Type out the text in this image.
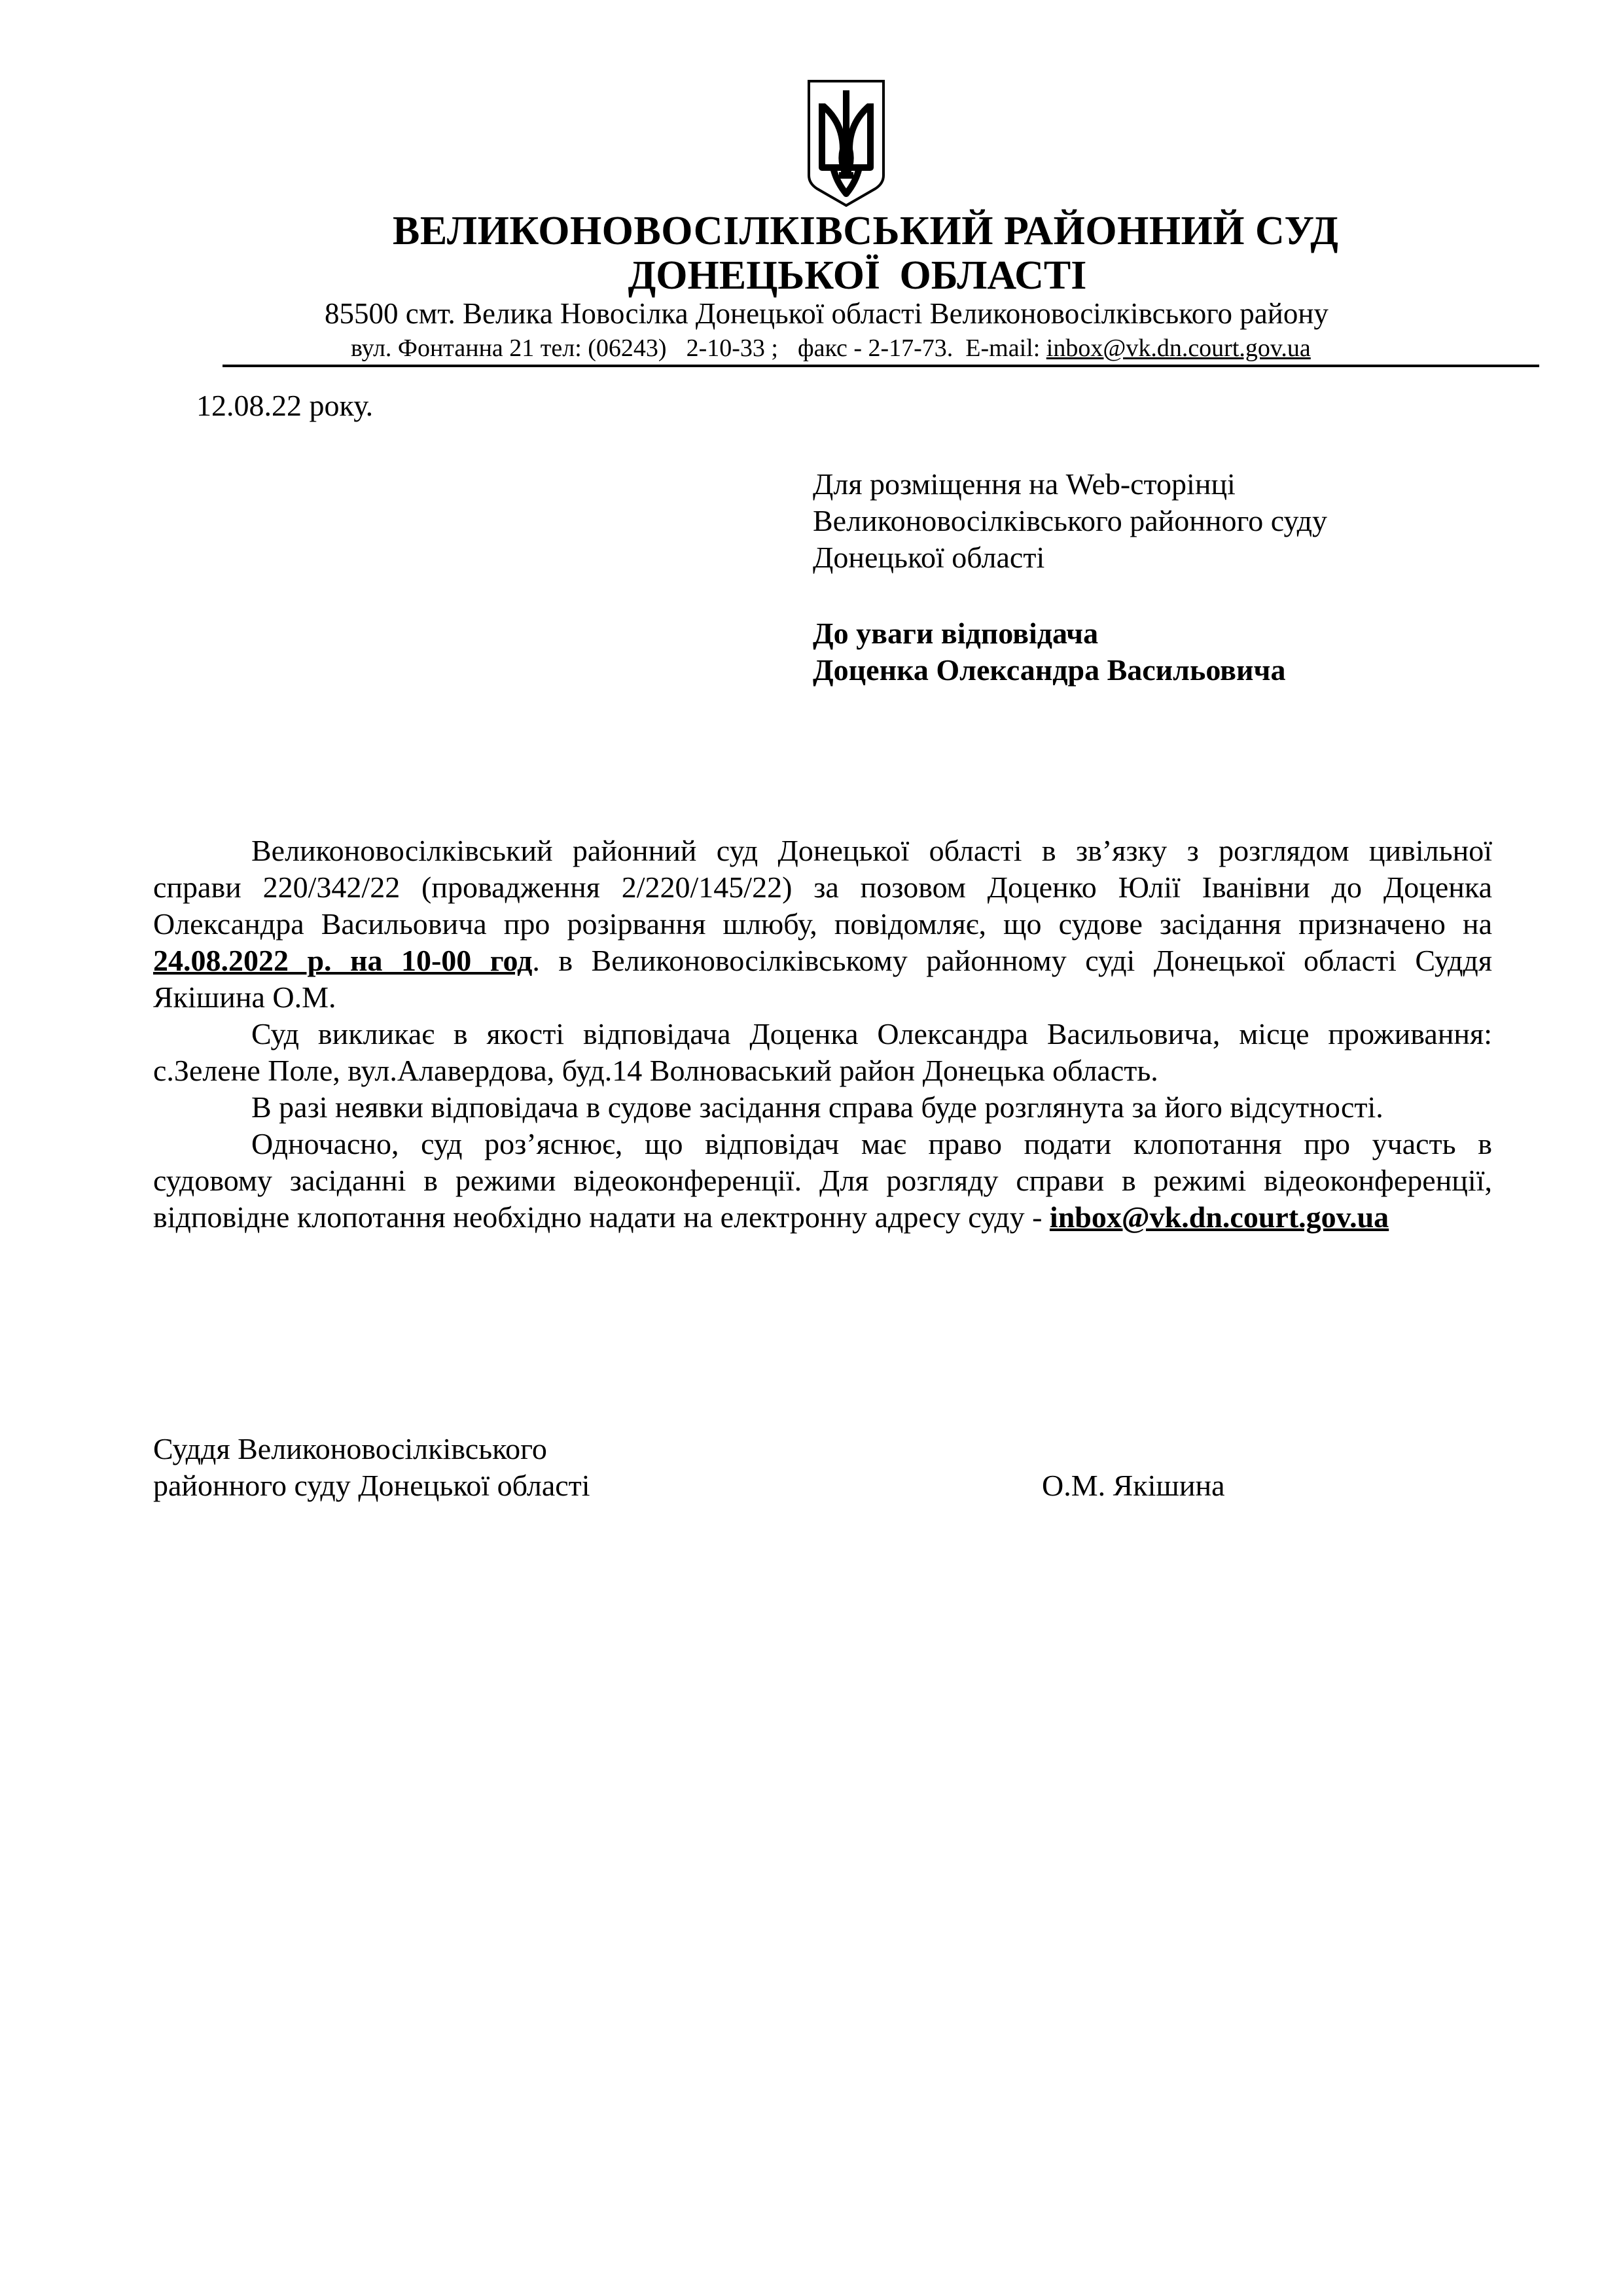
ВЕЛИКОНОВОСІЛКІВСЬКИЙ РАЙОННИЙ СУД
ДОНЕЦЬКОЇ ОБЛАСТІ
85500 смт. Велика Новосілка Донецької області Великоновосілківського району
вул. Фонтанна 21 тел: (06243) 2-10-33 ; факс - 2-17-73. E-mail: inbox@vk.dn.court.gov.ua
12.08.22 року.
Для розміщення на Web-сторінці
Великоновосілківського районного суду
Донецької області
До уваги відповідача
Доценка Олександра Васильовича
Великоновосілківський районний суд Донецької області в зв’язку з розглядом цивільної
справи 220/342/22 (провадження 2/220/145/22) за позовом Доценко Юлії Іванівни до Доценка
Олександра Васильовича про розірвання шлюбу, повідомляє, що судове засідання призначено на
24.08.2022 р. на 10-00 год. в Великоновосілківському районному суді Донецької області Суддя
Якішина О.М.
Суд викликає в якості відповідача Доценка Олександра Васильовича, місце проживання:
с.Зелене Поле, вул.Алавердова, буд.14 Волноваський район Донецька область.
В разі неявки відповідача в судове засідання справа буде розглянута за його відсутності.
Одночасно, суд роз’яснює, що відповідач має право подати клопотання про участь в
судовому засіданні в режими відеоконференції. Для розгляду справи в режимі відеоконференції,
відповідне клопотання необхідно надати на електронну адресу суду - inbox@vk.dn.court.gov.ua
Суддя Великоновосілківського
районного суду Донецької області	О.М. Якішина
